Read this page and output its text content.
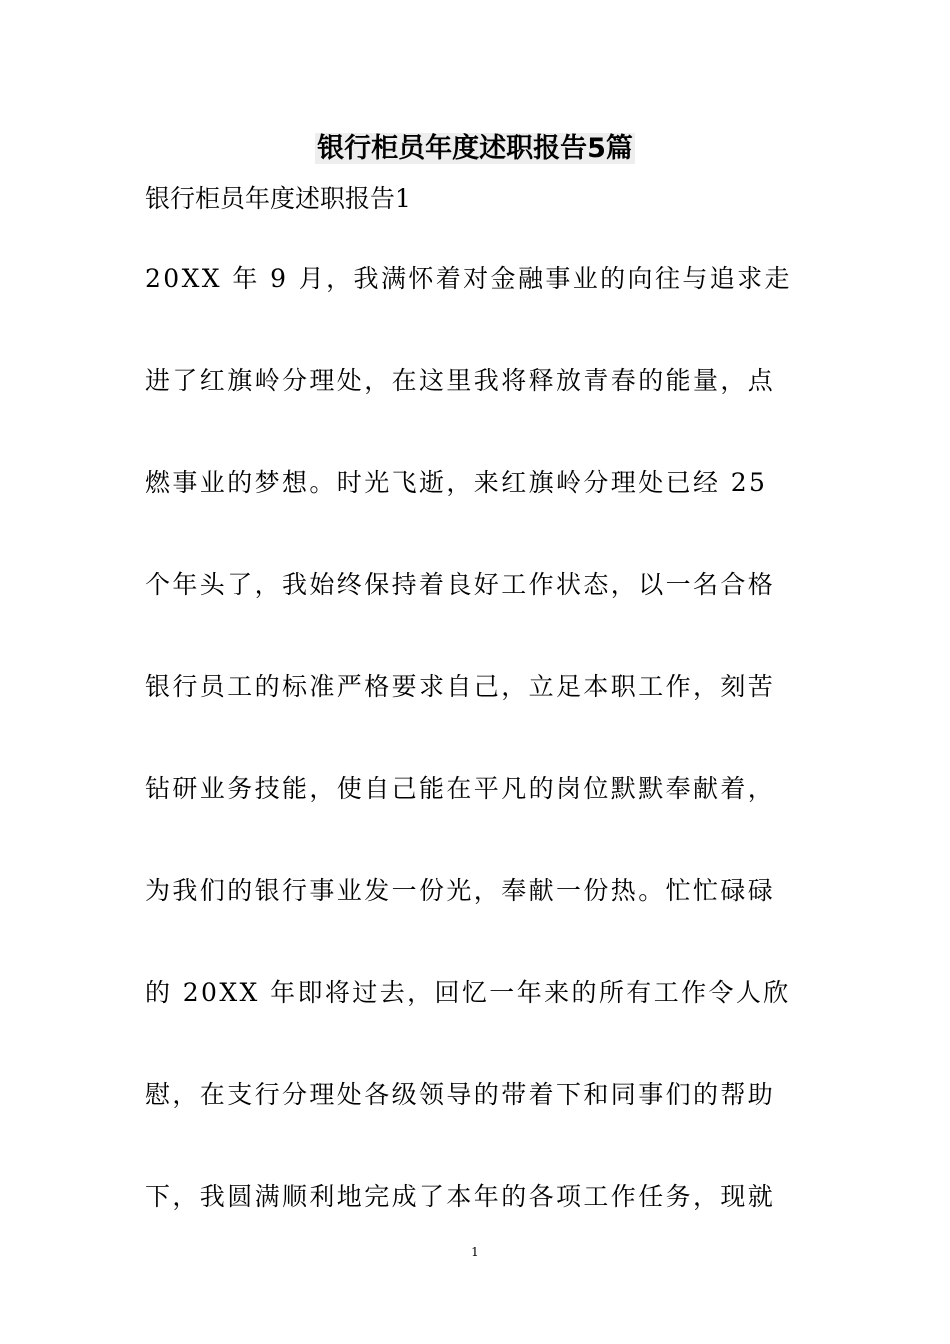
银行柜员年度述职报告5篇
银行柜员年度述职报告1
20XX 年 9 月，我满怀着对金融事业的向往与追求走
进了红旗岭分理处，在这里我将释放青春的能量，点
燃事业的梦想。时光飞逝，来红旗岭分理处已经 25
个年头了，我始终保持着良好工作状态，以一名合格
银行员工的标准严格要求自己，立足本职工作，刻苦
钻研业务技能，使自己能在平凡的岗位默默奉献着，
为我们的银行事业发一份光，奉献一份热。忙忙碌碌
的 20XX 年即将过去，回忆一年来的所有工作令人欣
慰，在支行分理处各级领导的带着下和同事们的帮助
下，我圆满顺利地完成了本年的各项工作任务，现就
1
